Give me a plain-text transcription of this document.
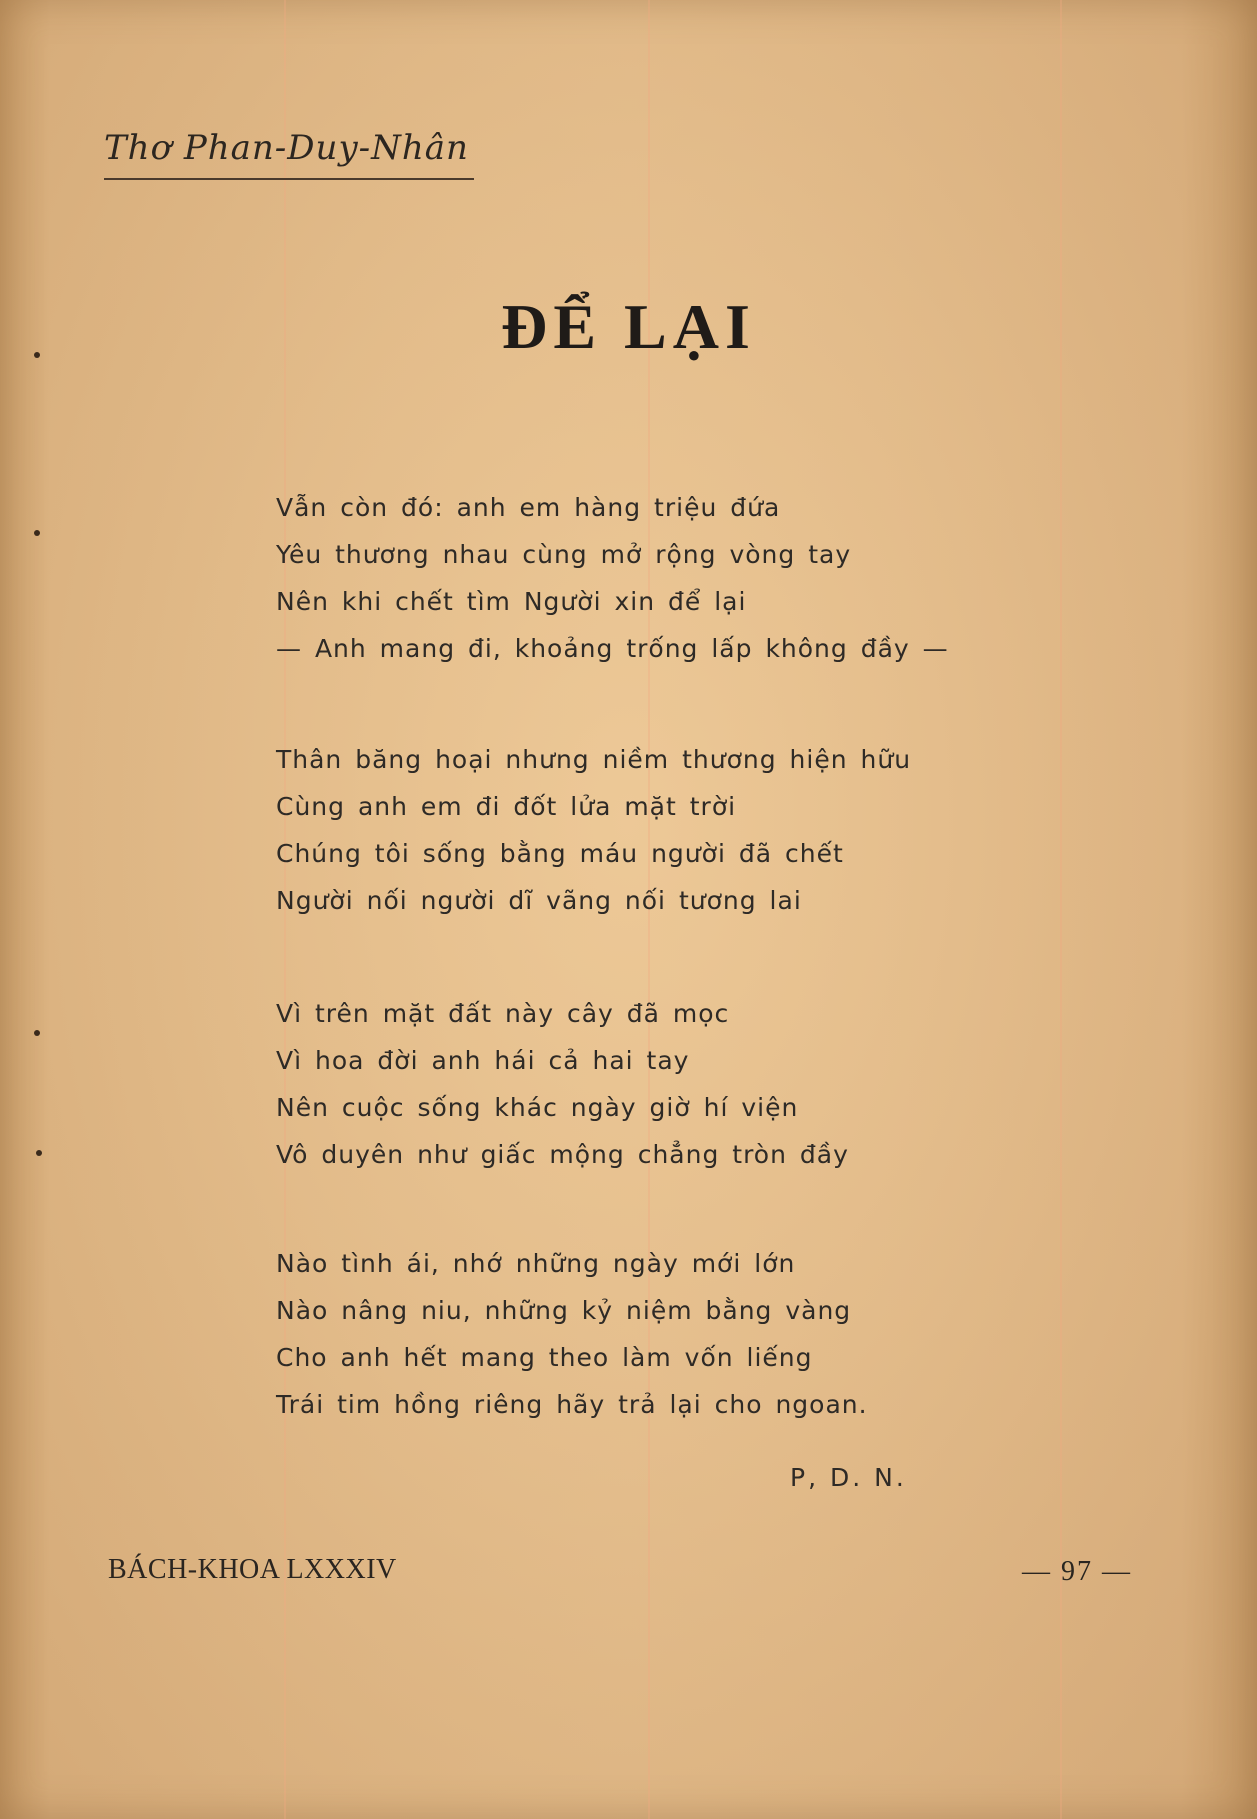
Thơ Phan-Duy-Nhân
ĐỂ LẠI
Vẫn còn đó: anh em hàng triệu đứa
Yêu thương nhau cùng mở rộng vòng tay
Nên khi chết tìm Người xin để lại
— Anh mang đi, khoảng trống lấp không đầy —
Thân băng hoại nhưng niềm thương hiện hữu
Cùng anh em đi đốt lửa mặt trời
Chúng tôi sống bằng máu người đã chết
Người nối người dĩ vãng nối tương lai
Vì trên mặt đất này cây đã mọc
Vì hoa đời anh hái cả hai tay
Nên cuộc sống khác ngày giờ hí viện
Vô duyên như giấc mộng chẳng tròn đầy
Nào tình ái, nhớ những ngày mới lớn
Nào nâng niu, những kỷ niệm bằng vàng
Cho anh hết mang theo làm vốn liếng
Trái tim hồng riêng hãy trả lại cho ngoan.
P, D. N.
BÁCH-KHOA LXXXIV	— 97 —
